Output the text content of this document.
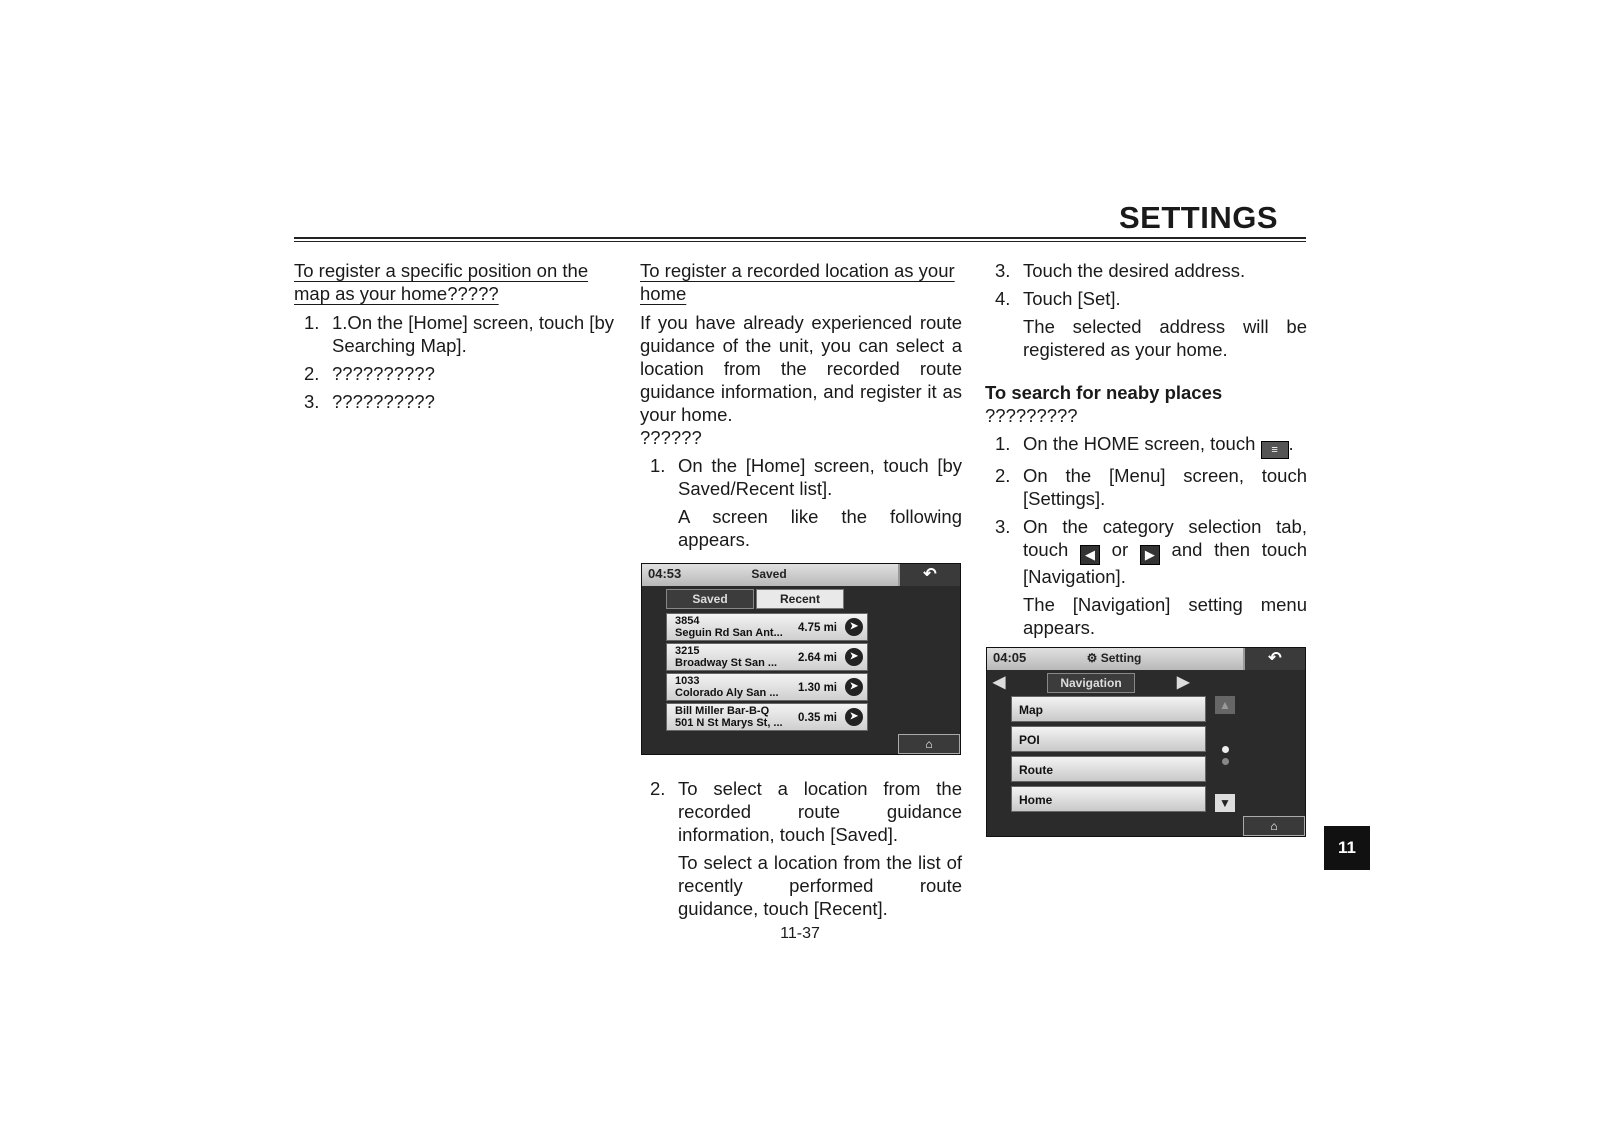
SETTINGS
To register a specific position on the map as your home?????
1. 1.On the [Home] screen, touch [by Searching Map].
2. ??????????
3. ??????????
To register a recorded location as your home

If you have already experienced route guidance of the unit, you can select a location from the recorded route guidance information, and register it as your home.

??????

1. On the [Home] screen, touch [by Saved/Recent list].
A screen like the following appears.
04:53	Saved	↶
Saved	Recent
3854
Seguin Rd San Ant... 4.75 mi	➤
3215
Broadway St San ... 2.64 mi	➤
1033
Colorado Aly San ... 1.30 mi	➤
Bill Miller Bar-B-Q
501 N St Marys St, ... 0.35 mi	➤
⌂
2. To select a location from the recorded route guidance information, touch [Saved].
To select a location from the list of recently performed route guidance, touch [Recent].
3. Touch the desired address.
4. Touch [Set].
The selected address will be registered as your home.
To search for neaby places

?????????

1. On the HOME screen, touch ≡ .
2. On the [Menu] screen, touch [Settings].
3. On the category selection tab, touch ◀ or ▶ and then touch [Navigation].
The [Navigation] setting menu appears.
04:05	⚙ Setting	↶
◀	Navigation	▶
Map
POI
Route
Home
▲
▼
⌂
11
11-37
